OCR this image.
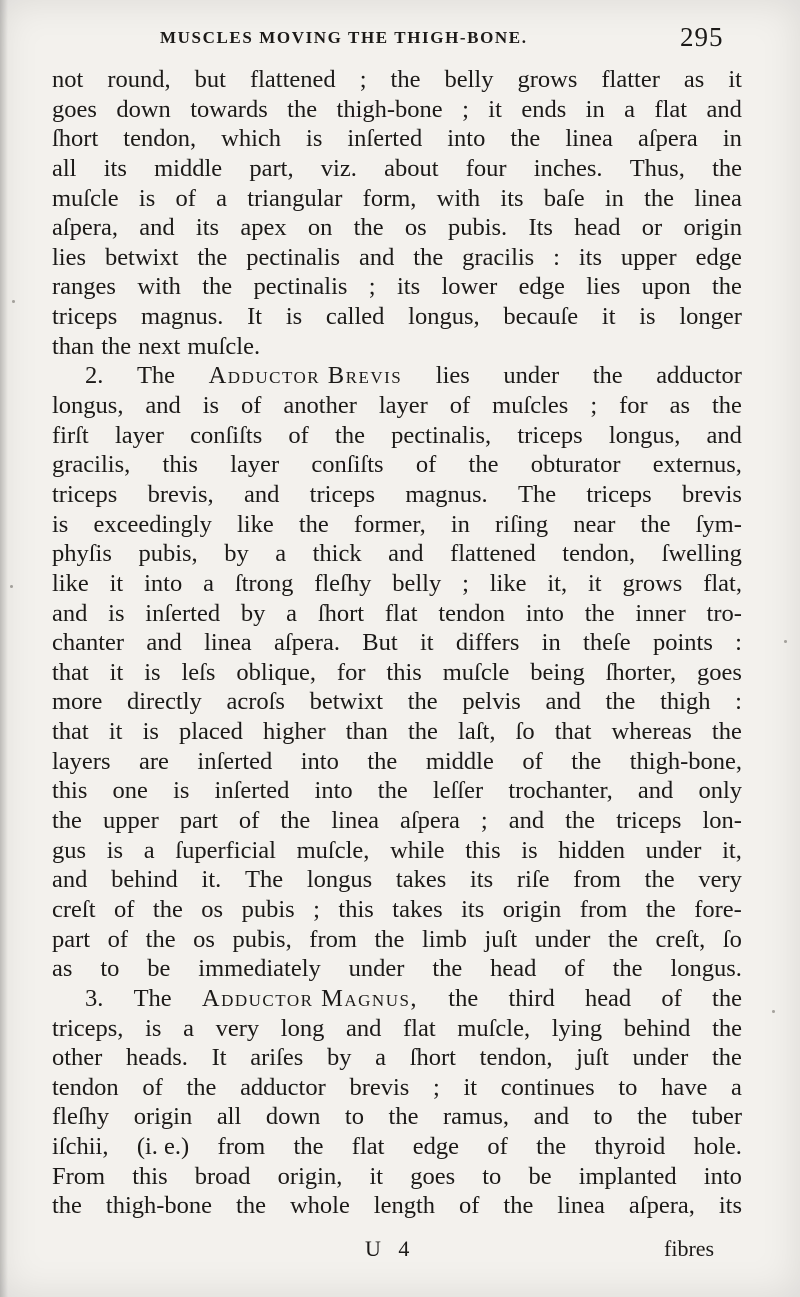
MUSCLES MOVING THE THIGH-BONE.	295
not round, but flattened ; the belly grows flatter as it
goes down towards the thigh-bone ; it ends in a flat and
ſhort tendon, which is inſerted into the linea aſpera in
all its middle part, viz. about four inches. Thus, the
muſcle is of a triangular form, with its baſe in the linea
aſpera, and its apex on the os pubis. Its head or origin
lies betwixt the pectinalis and the gracilis : its upper edge
ranges with the pectinalis ; its lower edge lies upon the
triceps magnus. It is called longus, becauſe it is longer
than the next muſcle.
2. The Adductor Brevis lies under the adductor
longus, and is of another layer of muſcles ; for as the
firſt layer conſiſts of the pectinalis, triceps longus, and
gracilis, this layer conſiſts of the obturator externus,
triceps brevis, and triceps magnus. The triceps brevis
is exceedingly like the former, in riſing near the ſym-
phyſis pubis, by a thick and flattened tendon, ſwelling
like it into a ſtrong fleſhy belly ; like it, it grows flat,
and is inſerted by a ſhort flat tendon into the inner tro-
chanter and linea aſpera. But it differs in theſe points :
that it is leſs oblique, for this muſcle being ſhorter, goes
more directly acroſs betwixt the pelvis and the thigh :
that it is placed higher than the laſt, ſo that whereas the
layers are inſerted into the middle of the thigh-bone,
this one is inſerted into the leſſer trochanter, and only
the upper part of the linea aſpera ; and the triceps lon-
gus is a ſuperficial muſcle, while this is hidden under it,
and behind it. The longus takes its riſe from the very
creſt of the os pubis ; this takes its origin from the fore-
part of the os pubis, from the limb juſt under the creſt, ſo
as to be immediately under the head of the longus.
3. The Adductor Magnus, the third head of the
triceps, is a very long and flat muſcle, lying behind the
other heads. It ariſes by a ſhort tendon, juſt under the
tendon of the adductor brevis ; it continues to have a
fleſhy origin all down to the ramus, and to the tuber
iſchii, (i. e.) from the flat edge of the thyroid hole.
From this broad origin, it goes to be implanted into
the thigh-bone the whole length of the linea aſpera, its
U 4	fibres
